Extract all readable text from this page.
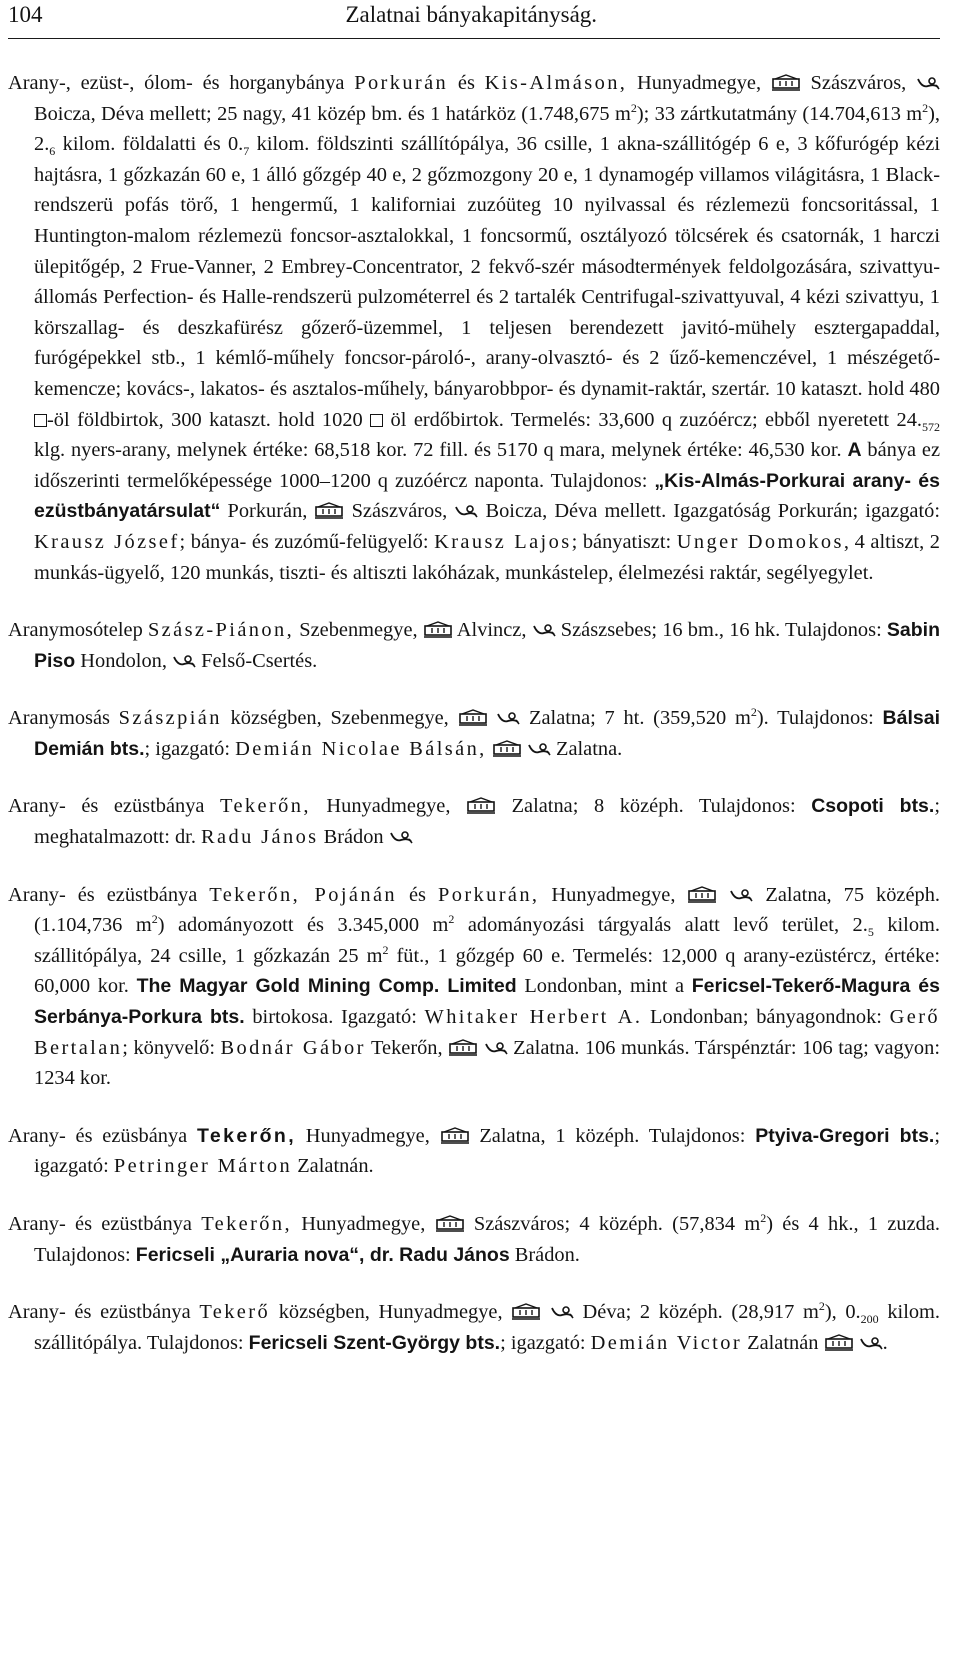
104	Zalatnai bányakapitányság.

Arany-, ezüst-, ólom- és horganybánya Porkurán és Kis-Almáson, Hunyadmegye,  Szászváros,  Boicza, Déva mellett; 25 nagy, 41 közép bm. és 1 határköz (1.748,675 $m^2$); 33 zártkutatmány (14.704,613 $m^2$), $2._6$ kilom. földalatti és $0._7$ kilom. földszinti szállítópálya, 36 csille, 1 akna-szállitógép 6 e, 3 kőfurógép kézi hajtásra, 1 gőzkazán 60 e, 1 álló gőzgép 40 e, 2 gőzmozgony 20 e, 1 dynamogép villamos világitásra, 1 Black-rendszerü pofás törő, 1 hengermű, 1 kaliforniai zuzóüteg 10 nyilvassal és rézlemezü foncsoritással, 1 Huntington-malom rézlemezü foncsor-asztalokkal, 1 foncsormű, osztályozó tölcsérek és csatornák, 1 harczi ülepitőgép, 2 Frue-Vanner, 2 Embrey-Concentrator, 2 fekvő-szér másodtermények feldolgozására, szivattyu-állomás Perfection- és Halle-rendszerü pulzométerrel és 2 tartalék Centrifugal-szivattyuval, 4 kézi szivattyu, 1 körszallag- és deszkafürész gőzerő-üzemmel, 1 teljesen berendezett javitó-mühely esztergapaddal, furógépekkel stb., 1 kémlő-műhely foncsor-pároló-, arany-olvasztó- és 2 űző-kemenczével, 1 mészégető-kemencze; kovács-, lakatos- és asztalos-műhely, bányarobbpor- és dynamit-raktár, szertár. 10 kataszt. hold 480 -öl földbirtok, 300 kataszt. hold 1020  öl erdőbirtok. Termelés: 33,600 q zuzóércz; ebből nyeretett $24._{572}$ klg. nyers-arany, melynek értéke: 68,518 kor. 72 fill. és 5170 q mara, melynek értéke: 46,530 kor. A bánya ez időszerinti termelőképessége 1000–1200 q zuzóércz naponta. Tulajdonos: „Kis-Almás-Porkurai arany- és ezüstbányatársulat“ Porkurán,  Szászváros,  Boicza, Déva mellett. Igazgatóság Porkurán; igazgató: Krausz József; bánya- és zuzómű-felügyelő: Krausz Lajos; bányatiszt: Unger Domokos, 4 altiszt, 2 munkás-ügyelő, 120 munkás, tiszti- és altiszti lakóházak, munkástelep, élelmezési raktár, segélyegylet.

Aranymosótelep Szász-Piánon, Szebenmegye,  Alvincz,  Szászsebes; 16 bm., 16 hk. Tulajdonos: Sabin Piso Hondolon,  Felső-Csertés.

Aranymosás Szászpián községben, Szebenmegye,	Zalatna; 7 ht. (359,520 $m^2$). Tulajdonos: Bálsai Demián bts.; igazgató: Demián Nicolae Bálsán,	Zalatna.

Arany- és ezüstbánya Tekerőn, Hunyadmegye,  Zalatna; 8 középh. Tulajdonos: Csopoti bts.; meghatalmazott: dr. Radu János Brádon

Arany- és ezüstbánya Tekerőn, Pojánán és Porkurán, Hunyadmegye,	Zalatna, 75 középh. (1.104,736 $m^2$) adományozott és 3.345,000 $m^2$ adományozási tárgyalás alatt levő terület, $2._5$ kilom. szállitópálya, 24 csille, 1 gőzkazán 25 $m^2$ füt., 1 gőzgép 60 e. Termelés: 12,000 q arany-ezüstércz, értéke: 60,000 kor. The Magyar Gold Mining Comp. Limited Londonban, mint a Fericsel-Tekerő-Magura és Serbánya-Porkura bts. birtokosa. Igazgató: Whitaker Herbert A. Londonban; bányagondnok: Gerő Bertalan; könyvelő: Bodnár Gábor Tekerőn,	Zalatna. 106 munkás. Társpénztár: 106 tag; vagyon: 1234 kor.

Arany- és ezüsbánya Tekerőn, Hunyadmegye,  Zalatna, 1 középh. Tulajdonos: Ptyiva-Gregori bts.; igazgató: Petringer Márton Zalatnán.

Arany- és ezüstbánya Tekerőn, Hunyadmegye,  Szászváros; 4 középh. (57,834 $m^2$) és 4 hk., 1 zuzda. Tulajdonos: Fericseli „Auraria nova“, dr. Radu János Brádon.

Arany- és ezüstbánya Tekerő községben, Hunyadmegye,	Déva; 2 középh. (28,917 $m^2$), $0._{200}$ kilom. szállitópálya. Tulajdonos: Fericseli Szent-György bts.; igazgató: Demián Victor Zalatnán	.
